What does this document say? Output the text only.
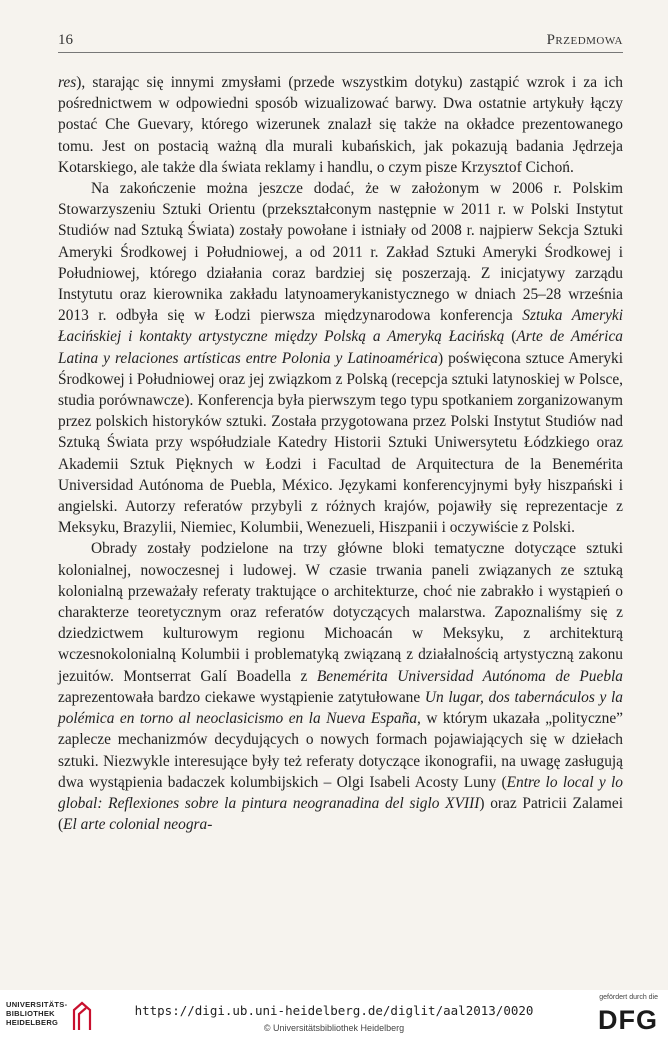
16	Przedmowa

res), starając się innymi zmysłami (przede wszystkim dotyku) zastąpić wzrok i za ich pośrednictwem w odpowiedni sposób wizualizować barwy. Dwa ostatnie artykuły łączy postać Che Guevary, którego wizerunek znalazł się także na okładce prezentowanego tomu. Jest on postacią ważną dla murali kubańskich, jak pokazują badania Jędrzeja Kotarskiego, ale także dla świata reklamy i handlu, o czym pisze Krzysztof Cichoń.

Na zakończenie można jeszcze dodać, że w założonym w 2006 r. Polskim Stowarzyszeniu Sztuki Orientu (przekształconym następnie w 2011 r. w Polski Instytut Studiów nad Sztuką Świata) zostały powołane i istniały od 2008 r. najpierw Sekcja Sztuki Ameryki Środkowej i Południowej, a od 2011 r. Zakład Sztuki Ameryki Środkowej i Południowej, którego działania coraz bardziej się poszerzają. Z inicjatywy zarządu Instytutu oraz kierownika zakładu latynoamerykanistycznego w dniach 25–28 września 2013 r. odbyła się w Łodzi pierwsza międzynarodowa konferencja Sztuka Ameryki Łacińskiej i kontakty artystyczne między Polską a Ameryką Łacińską (Arte de América Latina y relaciones artísticas entre Polonia y Latinoamérica) poświęcona sztuce Ameryki Środkowej i Południowej oraz jej związkom z Polską (recepcja sztuki latynoskiej w Polsce, studia porównawcze). Konferencja była pierwszym tego typu spotkaniem zorganizowanym przez polskich historyków sztuki. Została przygotowana przez Polski Instytut Studiów nad Sztuką Świata przy współudziale Katedry Historii Sztuki Uniwersytetu Łódzkiego oraz Akademii Sztuk Pięknych w Łodzi i Facultad de Arquitectura de la Benemérita Universidad Autónoma de Puebla, México. Językami konferencyjnymi były hiszpański i angielski. Autorzy referatów przybyli z różnych krajów, pojawiły się reprezentacje z Meksyku, Brazylii, Niemiec, Kolumbii, Wenezueli, Hiszpanii i oczywiście z Polski.

Obrady zostały podzielone na trzy główne bloki tematyczne dotyczące sztuki kolonialnej, nowoczesnej i ludowej. W czasie trwania paneli związanych ze sztuką kolonialną przeważały referaty traktujące o architekturze, choć nie zabrakło i wystąpień o charakterze teoretycznym oraz referatów dotyczących malarstwa. Zapoznaliśmy się z dziedzictwem kulturowym regionu Michoacán w Meksyku, z architekturą wczesnokolonialną Kolumbii i problematyką związaną z działalnością artystyczną zakonu jezuitów. Montserrat Galí Boadella z Benemérita Universidad Autónoma de Puebla zaprezentowała bardzo ciekawe wystąpienie zatytułowane Un lugar, dos tabernáculos y la polémica en torno al neoclasicismo en la Nueva España, w którym ukazała „polityczne” zaplecze mechanizmów decydujących o nowych formach pojawiających się w dziełach sztuki. Niezwykle interesujące były też referaty dotyczące ikonografii, na uwagę zasługują dwa wystąpienia badaczek kolumbijskich – Olgi Isabeli Acosty Luny (Entre lo local y lo global: Reflexiones sobre la pintura neogranadina del siglo XVIII) oraz Patricii Zalamei (El arte colonial neogra-

UNIVERSITÄTS-
BIBLIOTHEK
HEIDELBERG
https://digi.ub.uni-heidelberg.de/diglit/aal2013/0020
© Universitätsbibliothek Heidelberg
gefördert durch die
DFG
